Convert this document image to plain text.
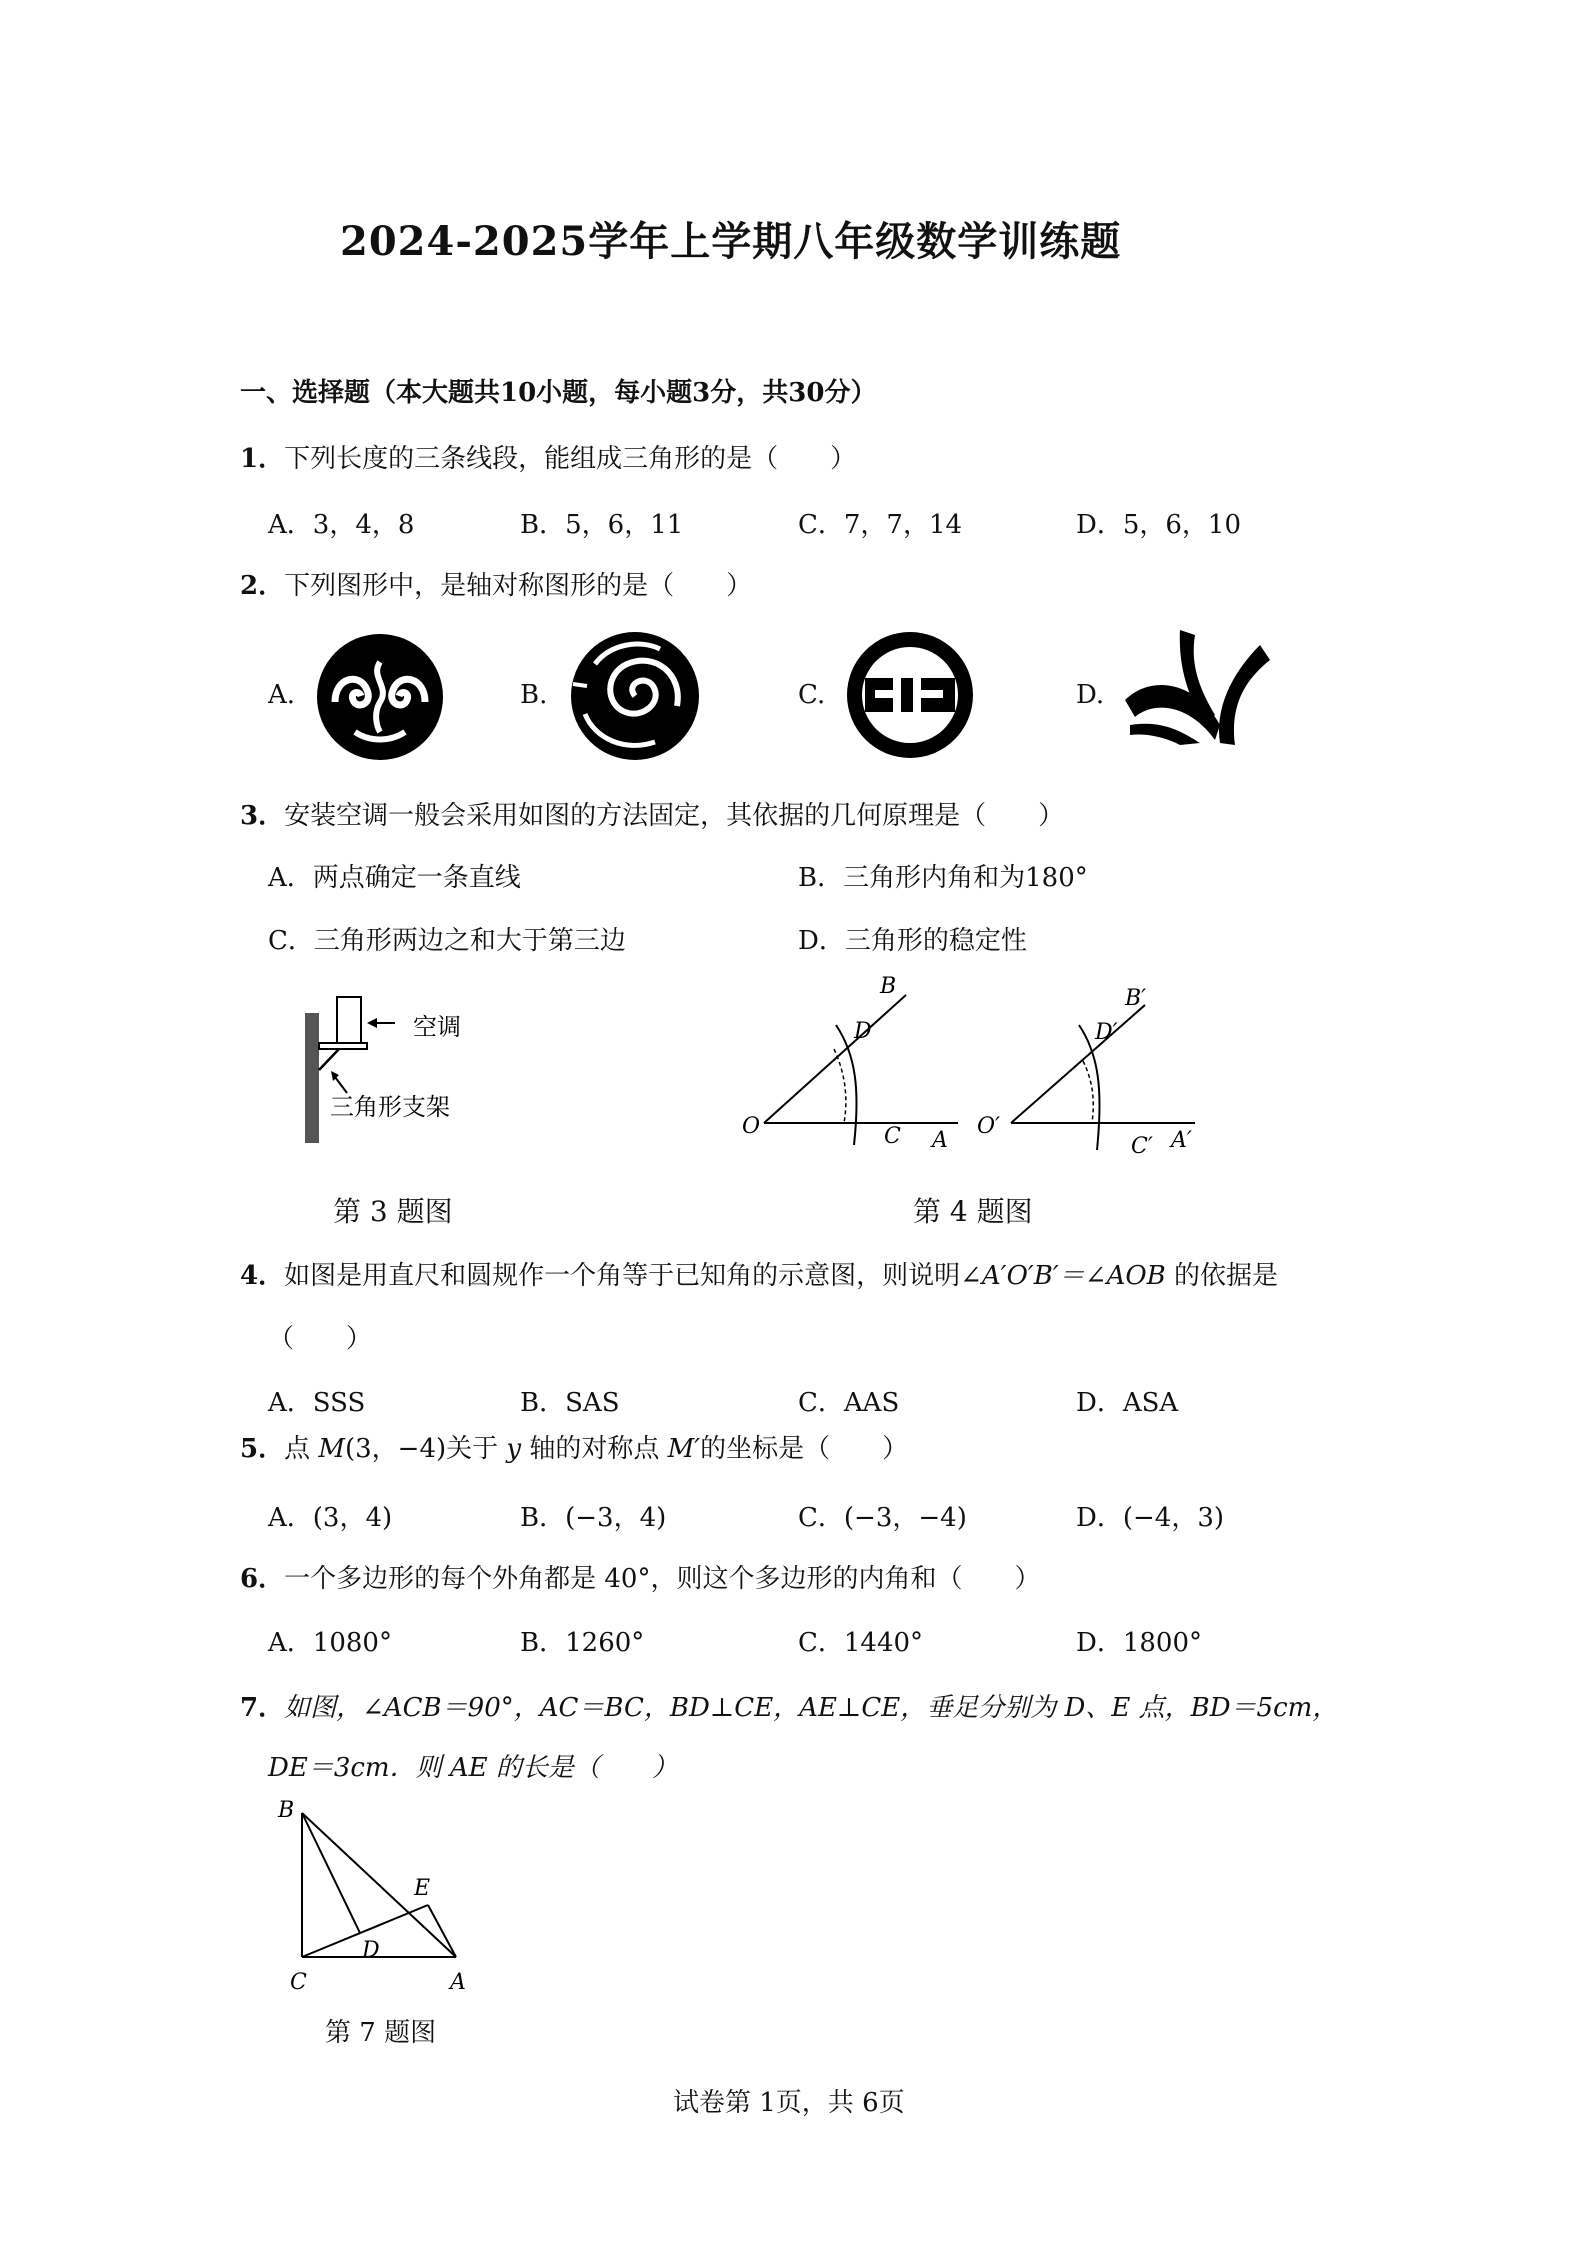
2024-2025学年上学期八年级数学训练题
一、选择题（本大题共10小题，每小题3分，共30分）
1．下列长度的三条线段，能组成三角形的是（　　）
A．3，4，8	B．5，6，11	C．7，7，14	D．5，6，10
2．下列图形中，是轴对称图形的是（　　）
A.	B.	C.	D.
3．安装空调一般会采用如图的方法固定，其依据的几何原理是（　　）
A．两点确定一条直线	B．三角形内角和为180°
C．三角形两边之和大于第三边	D．三角形的稳定性
空调
三角形支架
第 3 题图
B
D
O	C A
B′
D′
O′
C′ A′
第 4 题图
4．如图是用直尺和圆规作一个角等于已知角的示意图，则说明∠A′O′B′＝∠AOB 的依据是
（　　）
A．SSS	B．SAS	C．AAS	D．ASA
5．点 M(3，−4)关于 y 轴的对称点 M′的坐标是（　　）
A．(3，4)	B．(−3，4)	C．(−3，−4)	D．(−4，3)
6．一个多边形的每个外角都是 40°，则这个多边形的内角和（　　）
A．1080°	B．1260°	C．1440°	D．1800°
7．如图，∠ACB＝90°，AC＝BC，BD⊥CE，AE⊥CE，垂足分别为 D、E 点，BD＝5cm，
DE＝3cm．则 AE 的长是（　　）
B
E
D
C	A
第 7 题图
试卷第 1页，共 6页
